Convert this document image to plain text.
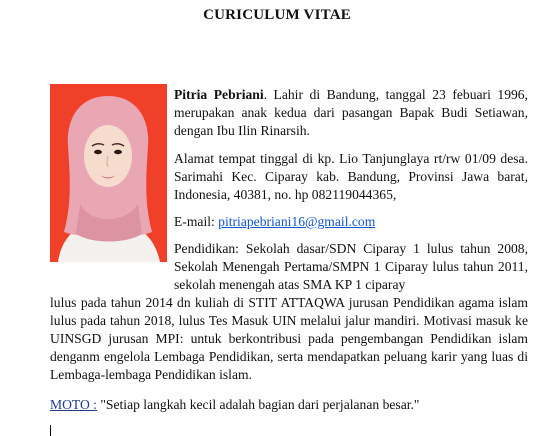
CURICULUM VITAE

Pitria Pebriani. Lahir di Bandung, tanggal 23 febuari 1996, merupakan anak kedua dari pasangan Bapak Budi Setiawan, dengan Ibu Ilin Rinarsih.

Alamat tempat tinggal di kp. Lio Tanjunglaya rt/rw 01/09 desa. Sarimahi Kec. Ciparay kab. Bandung, Provinsi Jawa barat, Indonesia, 40381, no. hp 082119044365,

E-mail: pitriapebriani16@gmail.com

Pendidikan: Sekolah dasar/SDN Ciparay 1 lulus tahun 2008, Sekolah Menengah Pertama/SMPN 1 Ciparay lulus tahun 2011, sekolah menengah atas SMA KP 1 ciparay

lulus pada tahun 2014 dn kuliah di STIT ATTAQWA jurusan Pendidikan agama islam lulus pada tahun 2018, lulus Tes Masuk UIN melalui jalur mandiri. Motivasi masuk ke UINSGD jurusan MPI: untuk berkontribusi pada pengembangan Pendidikan islam denganm engelola Lembaga Pendidikan, serta mendapatkan peluang karir yang luas di Lembaga-lembaga Pendidikan islam.

MOTO : "Setiap langkah kecil adalah bagian dari perjalanan besar."
